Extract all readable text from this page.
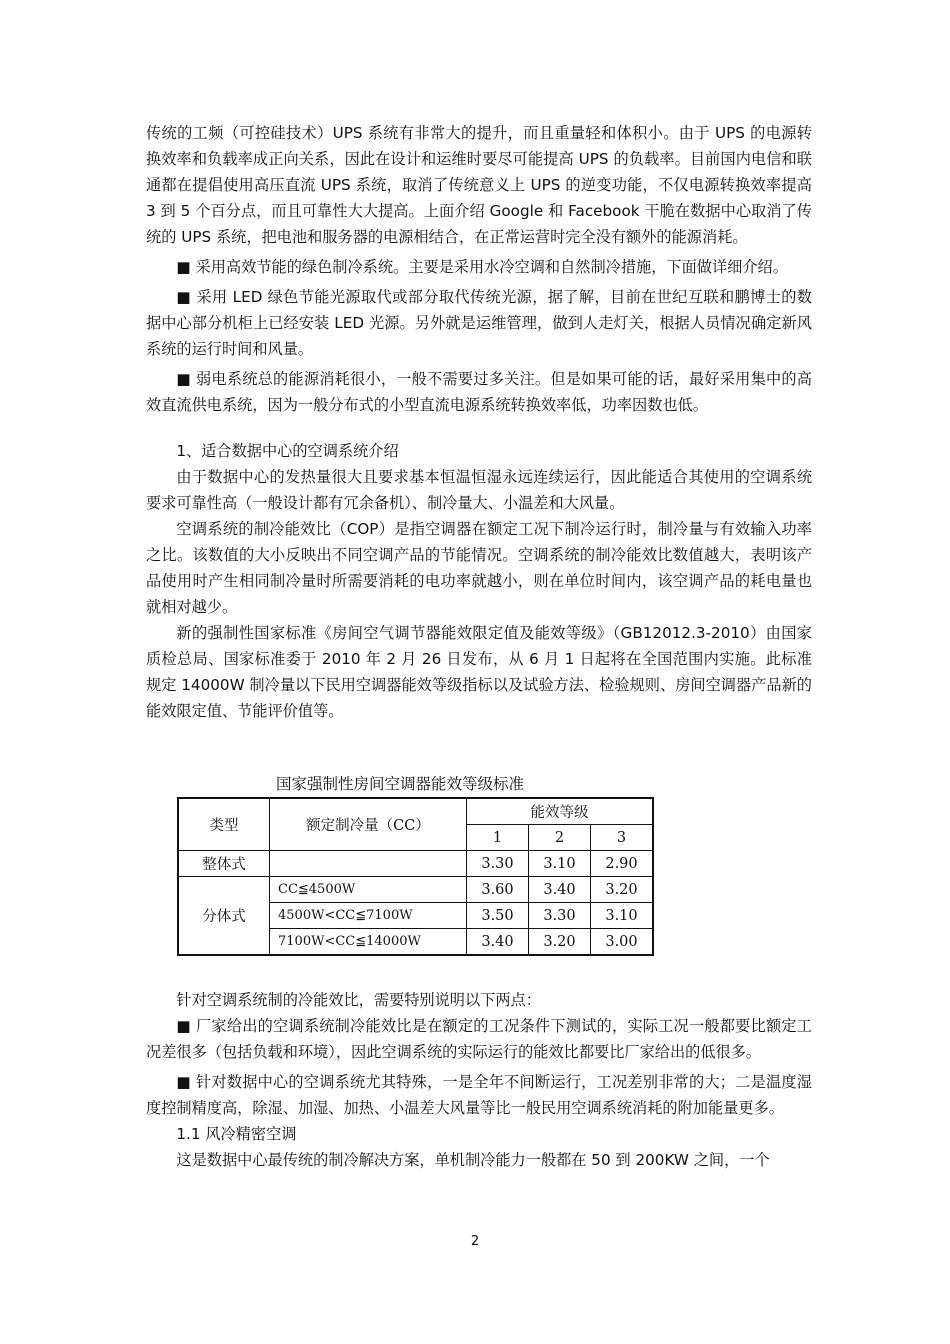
传统的工频（可控硅技术）UPS 系统有非常大的提升，而且重量轻和体积小。由于 UPS 的电源转换效率和负载率成正向关系，因此在设计和运维时要尽可能提高 UPS 的负载率。目前国内电信和联通都在提倡使用高压直流 UPS 系统，取消了传统意义上 UPS 的逆变功能，不仅电源转换效率提高 3 到 5 个百分点，而且可靠性大大提高。上面介绍 Google 和 Facebook 干脆在数据中心取消了传统的 UPS 系统，把电池和服务器的电源相结合，在正常运营时完全没有额外的能源消耗。

■ 采用高效节能的绿色制冷系统。主要是采用水冷空调和自然制冷措施，下面做详细介绍。

■ 采用 LED 绿色节能光源取代或部分取代传统光源，据了解，目前在世纪互联和鹏博士的数据中心部分机柜上已经安装 LED 光源。另外就是运维管理，做到人走灯关，根据人员情况确定新风系统的运行时间和风量。

■ 弱电系统总的能源消耗很小，一般不需要过多关注。但是如果可能的话，最好采用集中的高效直流供电系统，因为一般分布式的小型直流电源系统转换效率低，功率因数也低。

1、适合数据中心的空调系统介绍

由于数据中心的发热量很大且要求基本恒温恒湿永远连续运行，因此能适合其使用的空调系统要求可靠性高（一般设计都有冗余备机）、制冷量大、小温差和大风量。

空调系统的制冷能效比（COP）是指空调器在额定工况下制冷运行时，制冷量与有效输入功率之比。该数值的大小反映出不同空调产品的节能情况。空调系统的制冷能效比数值越大，表明该产品使用时产生相同制冷量时所需要消耗的电功率就越小，则在单位时间内，该空调产品的耗电量也就相对越少。

新的强制性国家标准《房间空气调节器能效限定值及能效等级》（GB12012.3-2010）由国家质检总局、国家标准委于 2010 年 2 月 26 日发布，从 6 月 1 日起将在全国范围内实施。此标准规定 14000W 制冷量以下民用空调器能效等级指标以及试验方法、检验规则、房间空调器产品新的能效限定值、节能评价值等。

国家强制性房间空调器能效等级标准
类型	额定制冷量（CC）	能效等级		
		1	2	3
整体式		3.30	3.10	2.90
分体式	CC≦4500W	3.60	3.40	3.20
	4500W<CC≦7100W	3.50	3.30	3.10
	7100W<CC≦14000W	3.40	3.20	3.00

针对空调系统制的冷能效比，需要特别说明以下两点：

■ 厂家给出的空调系统制冷能效比是在额定的工况条件下测试的，实际工况一般都要比额定工况差很多（包括负载和环境），因此空调系统的实际运行的能效比都要比厂家给出的低很多。

■ 针对数据中心的空调系统尤其特殊，一是全年不间断运行，工况差别非常的大；二是温度湿度控制精度高，除湿、加湿、加热、小温差大风量等比一般民用空调系统消耗的附加能量更多。

1.1 风冷精密空调

这是数据中心最传统的制冷解决方案，单机制冷能力一般都在 50 到 200KW 之间，一个

2
